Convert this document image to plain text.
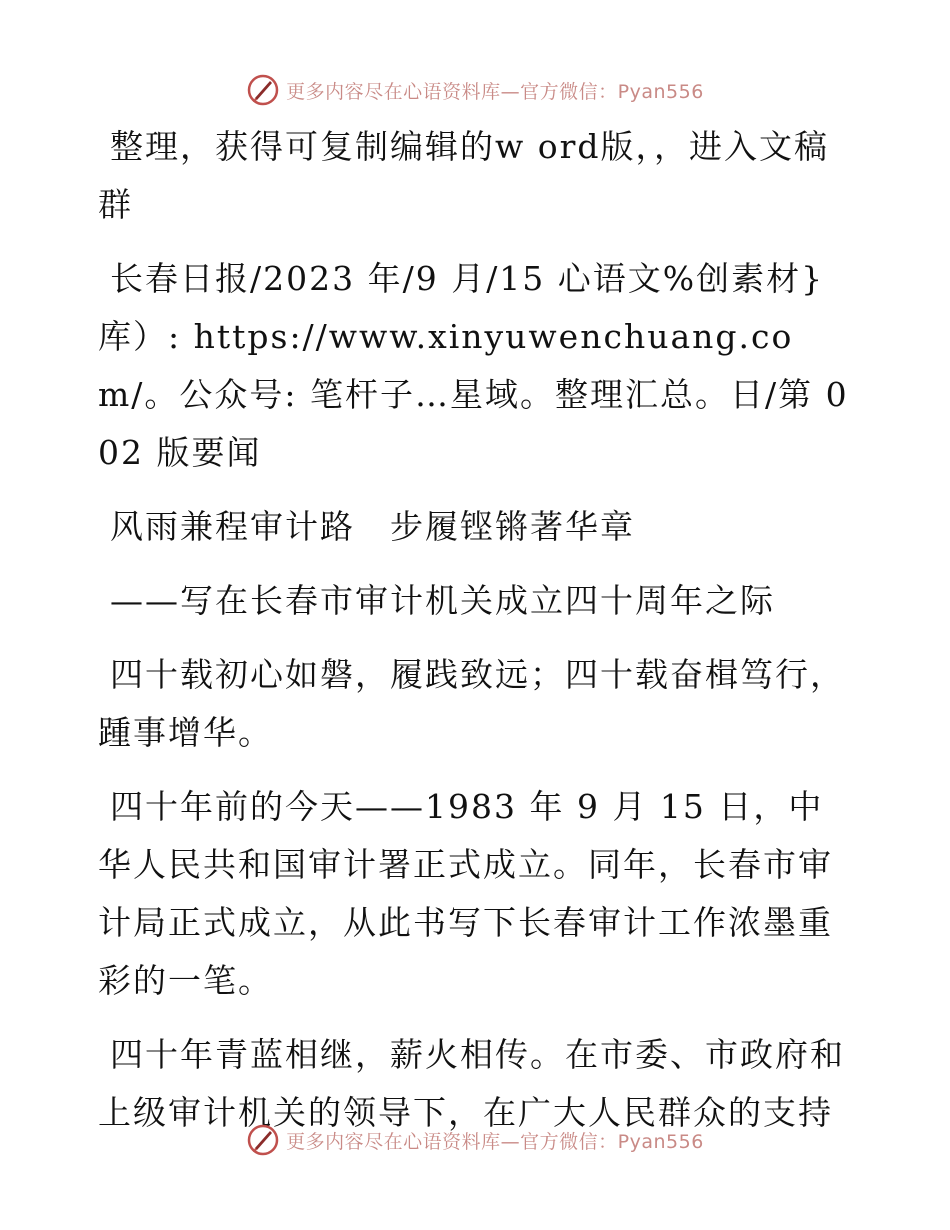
更多内容尽在心语资料库—官方微信：Pyan556

整理，获得可复制编辑的w ord版，，进入文稿群

长春日报/2023 年/9 月/15 心语文%创素材}库）: https://www.xinyuwenchuang.com/。公众号: 笔杆子…星域。整理汇总。日/第 002 版要闻

风雨兼程审计路　步履铿锵著华章

——写在长春市审计机关成立四十周年之际

四十载初心如磐，履践致远；四十载奋楫笃行，踵事增华。

四十年前的今天——1983 年 9 月 15 日，中华人民共和国审计署正式成立。同年，长春市审计局正式成立，从此书写下长春审计工作浓墨重彩的一笔。

四十年青蓝相继，薪火相传。在市委、市政府和上级审计机关的领导下，在广大人民群众的支持

更多内容尽在心语资料库—官方微信：Pyan556
